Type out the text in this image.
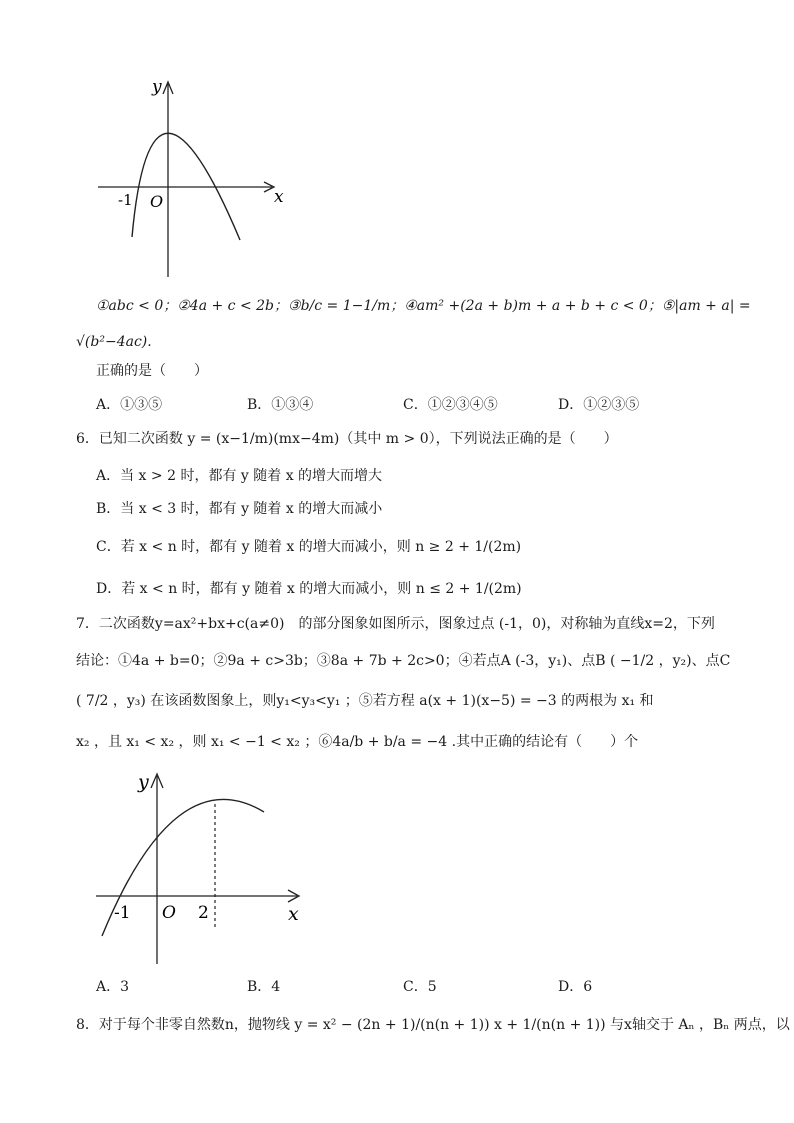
y
x
-1 O
①abc < 0；②4a + c < 2b；③b/c = 1−1/m；④am² +(2a + b)m + a + b + c < 0；⑤|am + a| =
√(b²−4ac).
正确的是（　　）
A．①③⑤	B．①③④	C．①②③④⑤	D．①②③⑤
6．已知二次函数 y = (x−1/m)(mx−4m)（其中 m > 0），下列说法正确的是（　　）
A．当 x > 2 时，都有 y 随着 x 的增大而增大
B．当 x < 3 时，都有 y 随着 x 的增大而减小
C．若 x < n 时，都有 y 随着 x 的增大而减小，则 n ≥ 2 + 1/(2m)
D．若 x < n 时，都有 y 随着 x 的增大而减小，则 n ≤ 2 + 1/(2m)
7．二次函数y=ax²+bx+c(a≠0)　的部分图象如图所示，图象过点 (-1，0)，对称轴为直线x=2，下列
结论：①4a + b=0；②9a + c>3b；③8a + 7b + 2c>0；④若点A (-3，y₁)、点B ( −1/2 ，y₂)、点C
( 7/2 ，y₃) 在该函数图象上，则y₁<y₃<y₁ ；⑤若方程 a(x + 1)(x−5) = −3 的两根为 x₁ 和
x₂ ，且 x₁ < x₂ ，则 x₁ < −1 < x₂ ；⑥4a/b + b/a = −4 .其中正确的结论有（　　）个
y
x
-1 O 2
A．3	B．4	C．5	D．6
8．对于每个非零自然数n，抛物线 y = x² − (2n + 1)/(n(n + 1)) x + 1/(n(n + 1)) 与x轴交于 Aₙ ，Bₙ 两点，以
